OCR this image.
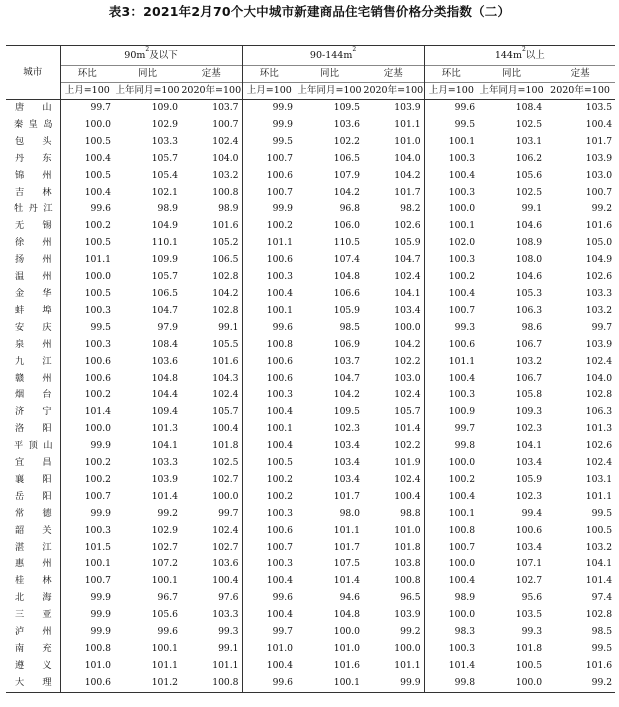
表3：2021年2月70个大中城市新建商品住宅销售价格分类指数（二）
城市	$90m^2$及以下			$90-144m^2$			$144m^2$以上		
	环比	同比	定基	环比	同比	定基	环比	同比	定基
	上月=100	上年同月=100	2020年=100	上月=100	上年同月=100	2020年=100	上月=100	上年同月=100	2020年=100

唐 山	99.7	109.0	103.7	99.9	109.5	103.9	99.6	108.4	103.5

秦 皇 岛	100.0	102.9	100.7	99.9	103.6	101.1	99.5	102.5	100.4

包 头	100.5	103.3	102.4	99.5	102.2	101.0	100.1	103.1	101.7

丹 东	100.4	105.7	104.0	100.7	106.5	104.0	100.3	106.2	103.9

锦 州	100.5	105.4	103.2	100.6	107.9	104.2	100.4	105.6	103.0

吉 林	100.4	102.1	100.8	100.7	104.2	101.7	100.3	102.5	100.7

牡 丹 江	99.6	98.9	98.9	99.9	96.8	98.2	100.0	99.1	99.2

无 锡	100.2	104.9	101.6	100.2	106.0	102.6	100.1	104.6	101.6

徐 州	100.5	110.1	105.2	101.1	110.5	105.9	102.0	108.9	105.0

扬 州	101.1	109.9	106.5	100.6	107.4	104.7	100.3	108.0	104.9

温 州	100.0	105.7	102.8	100.3	104.8	102.4	100.2	104.6	102.6

金 华	100.5	106.5	104.2	100.4	106.6	104.1	100.4	105.3	103.3

蚌 埠	100.3	104.7	102.8	100.1	105.9	103.4	100.7	106.3	103.2

安 庆	99.5	97.9	99.1	99.6	98.5	100.0	99.3	98.6	99.7

泉 州	100.3	108.4	105.5	100.8	106.9	104.2	100.6	106.7	103.9

九 江	100.6	103.6	101.6	100.6	103.7	102.2	101.1	103.2	102.4

赣 州	100.6	104.8	104.3	100.6	104.7	103.0	100.4	106.7	104.0

烟 台	100.2	104.4	102.4	100.3	104.2	102.4	100.3	105.8	102.8

济 宁	101.4	109.4	105.7	100.4	109.5	105.7	100.9	109.3	106.3

洛 阳	100.0	101.3	100.4	100.1	102.3	101.4	99.7	102.3	101.3

平 顶 山	99.9	104.1	101.8	100.4	103.4	102.2	99.8	104.1	102.6

宜 昌	100.2	103.3	102.5	100.5	103.4	101.9	100.0	103.4	102.4

襄 阳	100.2	103.9	102.7	100.2	103.4	102.4	100.2	105.9	103.1

岳 阳	100.7	101.4	100.0	100.2	101.7	100.4	100.4	102.3	101.1

常 德	99.9	99.2	99.7	100.3	98.0	98.8	100.1	99.4	99.5

韶 关	100.3	102.9	102.4	100.6	101.1	101.0	100.8	100.6	100.5

湛 江	101.5	102.7	102.7	100.7	101.7	101.8	100.7	103.4	103.2

惠 州	100.1	107.2	103.6	100.3	107.5	103.8	100.0	107.1	104.1

桂 林	100.7	100.1	100.4	100.4	101.4	100.8	100.4	102.7	101.4

北 海	99.9	96.7	97.6	99.6	94.6	96.5	98.9	95.6	97.4

三 亚	99.9	105.6	103.3	100.4	104.8	103.9	100.0	103.5	102.8

泸 州	99.9	99.6	99.3	99.7	100.0	99.2	98.3	99.3	98.5

南 充	100.8	100.1	99.1	101.0	101.0	100.0	100.3	101.8	99.5

遵 义	101.0	101.1	101.1	100.4	101.6	101.1	101.4	100.5	101.6

大 理	100.6	101.2	100.8	99.6	100.1	99.9	99.8	100.0	99.2
